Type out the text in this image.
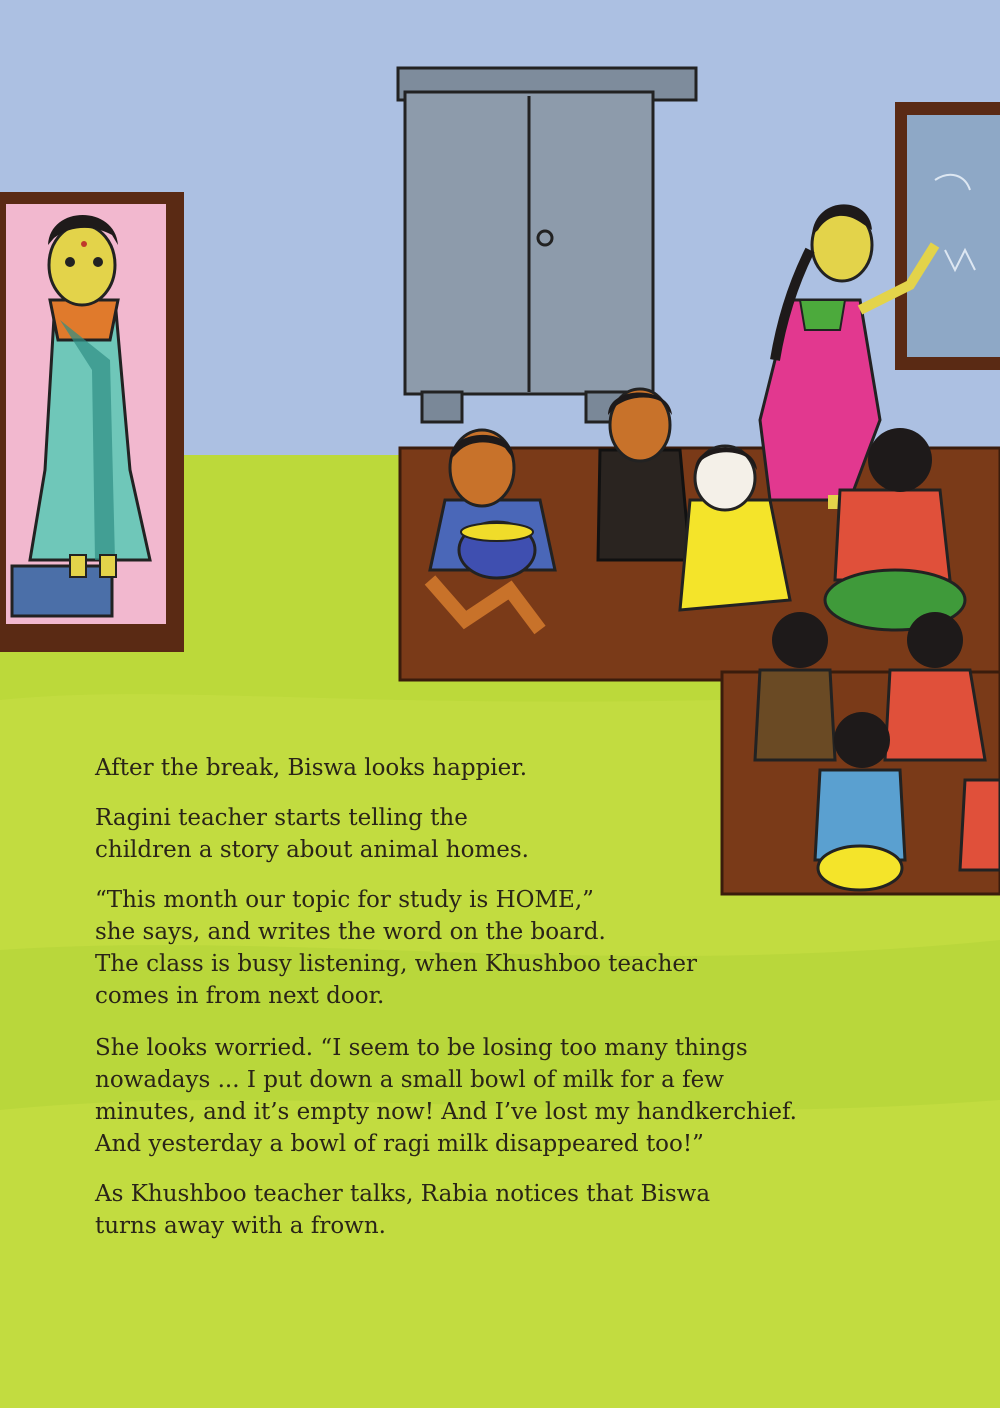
After the break, Biswa looks happier.

Ragini teacher starts telling the
children a story about animal homes.

“This month our topic for study is HOME,”
she says, and writes the word on the board.
The class is busy listening, when Khushboo teacher
comes in from next door.

She looks worried. “I seem to be losing too many things
nowadays ... I put down a small bowl of milk for a few
minutes, and it’s empty now! And I’ve lost my handkerchief.
And yesterday a bowl of ragi milk disappeared too!”

As Khushboo teacher talks, Rabia notices that Biswa
turns away with a frown.
